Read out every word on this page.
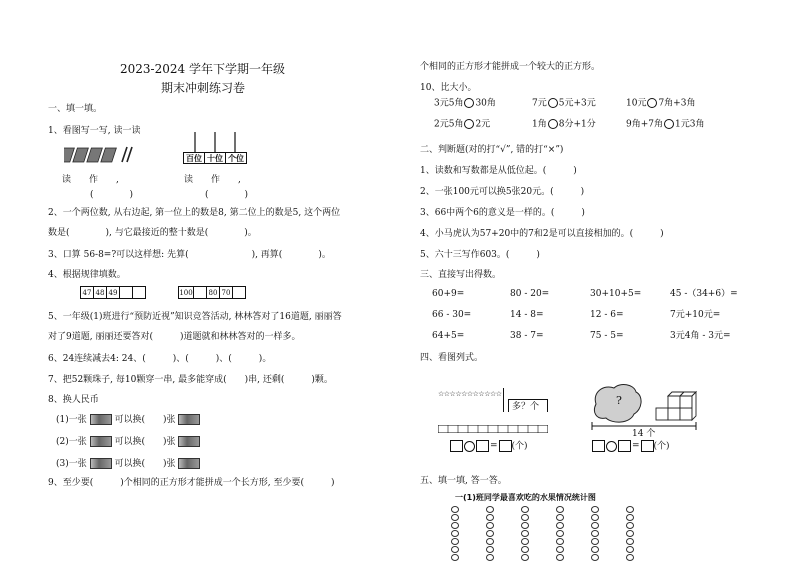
2023-2024 学年下学期一年级
期末冲刺练习卷
一、填一填。
1、看图写一写, 读一读
百位 十位 个位
读　　作　　,	读　　作　　,
(　　　　)	(　　　　)
2、一个两位数, 从右边起, 第一位上的数是8, 第二位上的数是5, 这个两位
数是(　　　　), 与它最接近的整十数是(　　　　)。
3、口算 56-8=?可以这样想: 先算(　　　　　　　), 再算(　　　　)。
4、根据规律填数。
47 48 49	100 80 70
5、一年级(1)班进行“预防近视”知识竞答活动, 林林答对了16道题, 丽丽答
对了9道题, 丽丽还要答对(　　　)道题就和林林答对的一样多。
6、24连续减去4: 24、(　　　)、(　　　)、(　　　)。
7、把52颗珠子, 每10颗穿一串, 最多能穿成(　　)串, 还剩(　　　)颗。
8、换人民币
(1)一张	可以换(　　)张
(2)一张	可以换(　　)张
(3)一张	可以换(　　)张
9、至少要(　　　)个相同的正方形才能拼成一个长方形, 至少要(　　　)
个相同的正方形才能拼成一个较大的正方形。
10、比大小。
3元5角 30角	7元 5元+3元	10元 7角+3角
2元5角 2元	1角 8分+1分	9角+7角 1元3角
二、判断题(对的打“√”, 错的打“×”)
1、读数和写数都是从低位起。(　　　)
2、一张100元可以换5张20元。(　　　)
3、66中两个6的意义是一样的。(　　　)
4、小马虎认为57+20中的7和2是可以直接相加的。(　　　)
5、六十三写作603。(　　　)
三、直接写出得数。
60+9=	80 - 20=	30+10+5=	45 -（34+6）=
66 - 30=	14 - 8=	12 - 6=	7元+10元=
64+5=	38 - 7=	75 - 5=	3元4角 - 3元=
四、看图列式。
☆☆☆☆☆☆☆☆☆☆☆
多？个	?
14 个
= (个)	= (个)
五、填一填, 答一答。
一(1)班同学最喜欢吃的水果情况统计图
